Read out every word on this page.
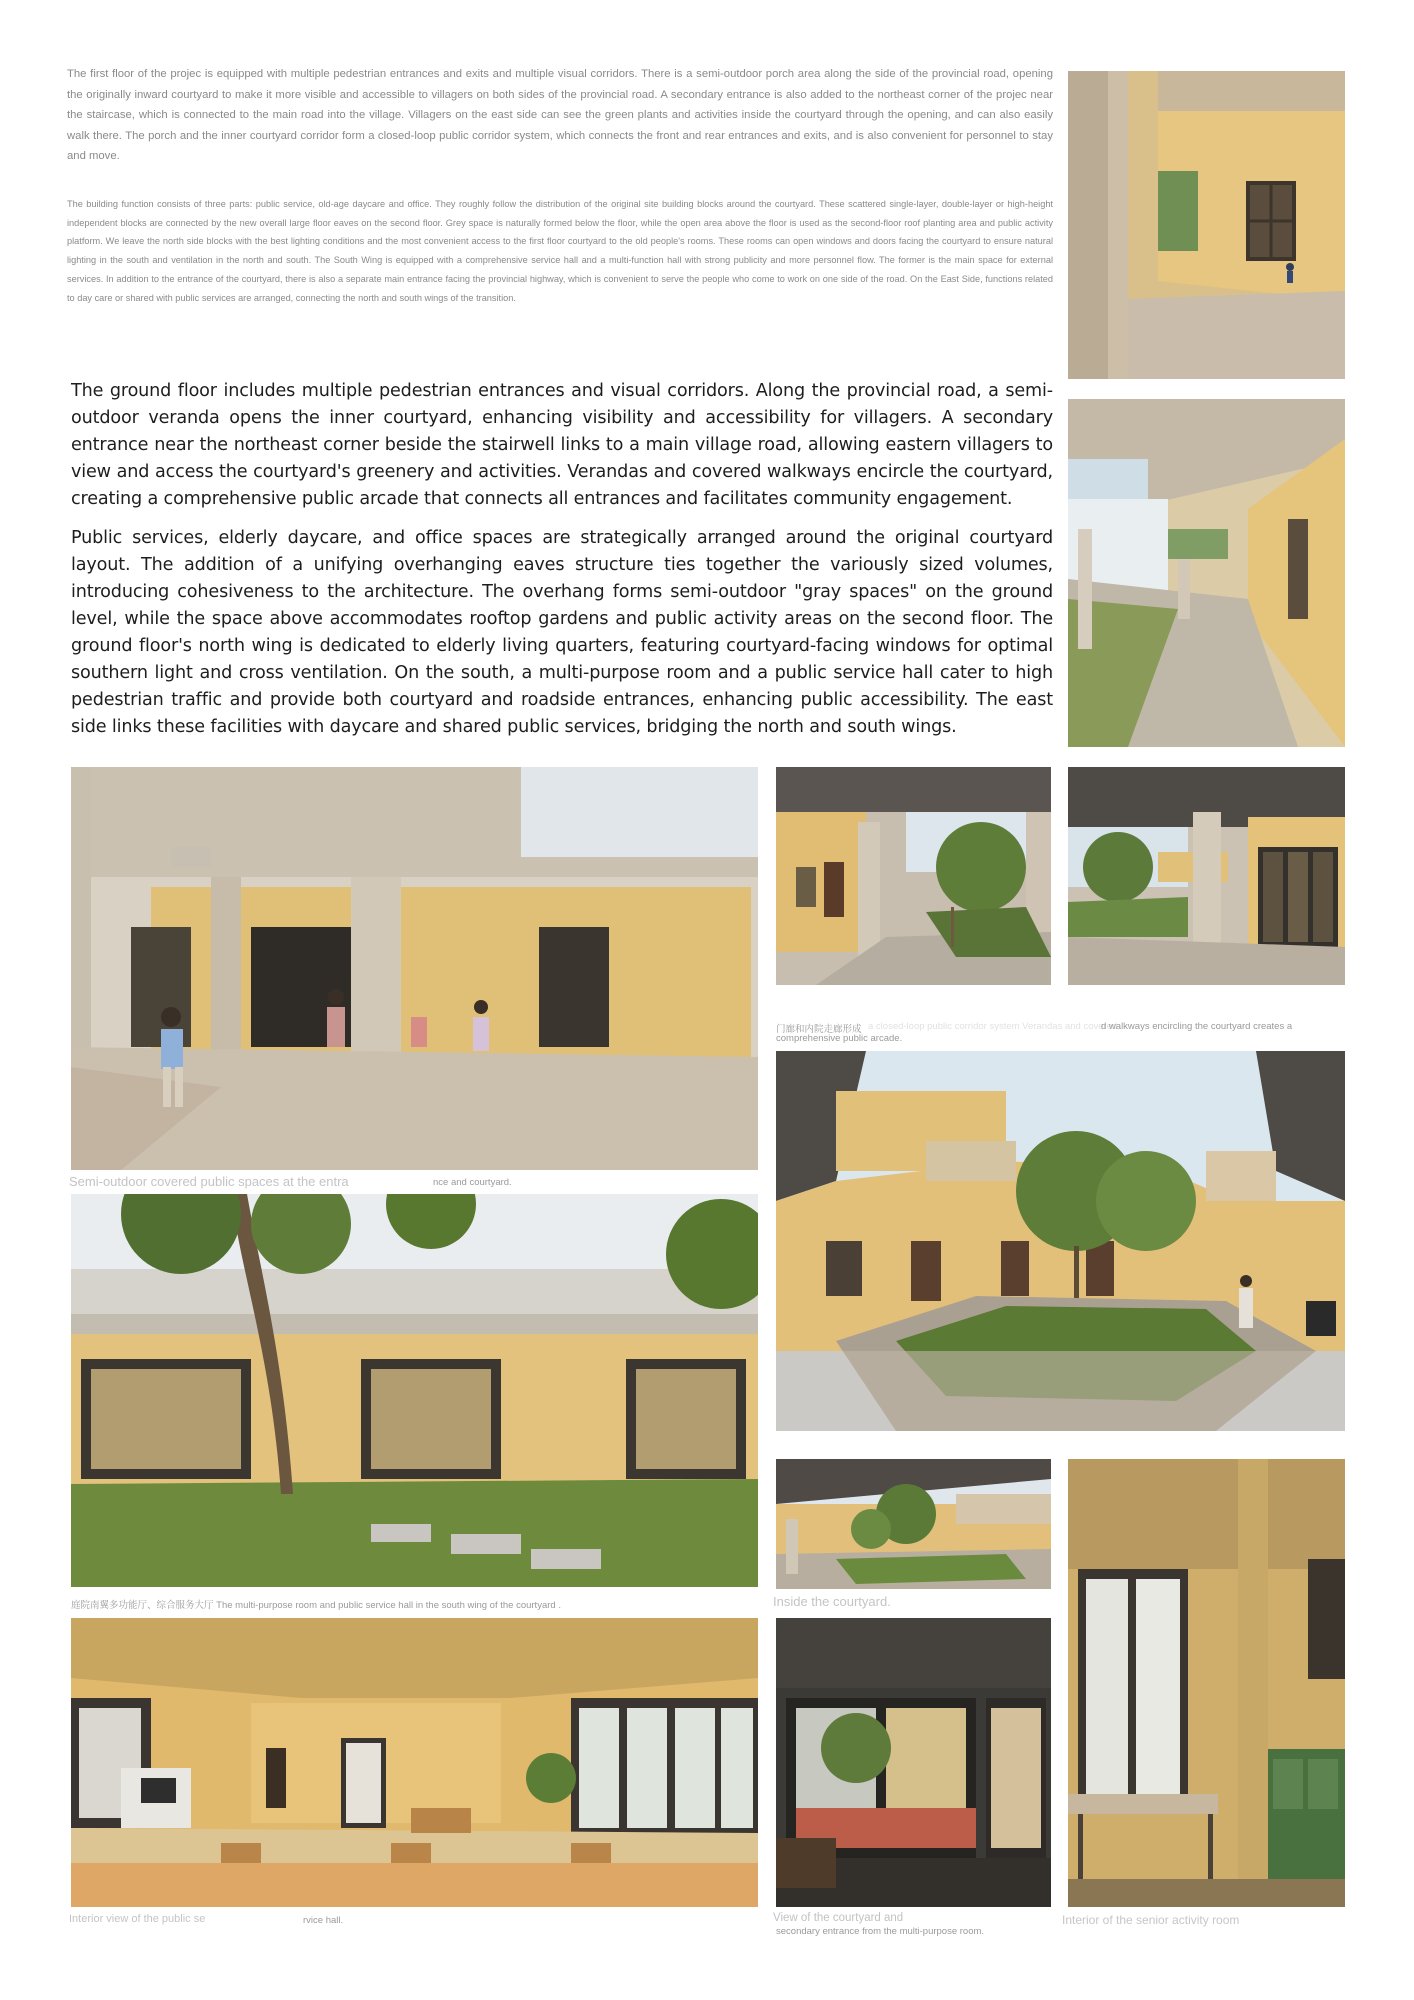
The first floor of the projec is equipped with multiple pedestrian entrances and exits and multiple visual corridors. There is a semi-outdoor porch area along the side of the provincial road, opening the originally inward courtyard to make it more visible and accessible to villagers on both sides of the provincial road. A secondary entrance is also added to the northeast corner of the projec near the staircase, which is connected to the main road into the village. Villagers on the east side can see the green plants and activities inside the courtyard through the opening, and can also easily walk there. The porch and the inner courtyard corridor form a closed-loop public corridor system, which connects the front and rear entrances and exits, and is also convenient for personnel to stay and move.

The building function consists of three parts: public service, old-age daycare and office. They roughly follow the distribution of the original site building blocks around the courtyard. These scattered single-layer, double-layer or high-height independent blocks are connected by the new overall large floor eaves on the second floor. Grey space is naturally formed below the floor, while the open area above the floor is used as the second-floor roof planting area and public activity platform. We leave the north side blocks with the best lighting conditions and the most convenient access to the first floor courtyard to the old people's rooms. These rooms can open windows and doors facing the courtyard to ensure natural lighting in the south and ventilation in the north and south. The South Wing is equipped with a comprehensive service hall and a multi-function hall with strong publicity and more personnel flow. The former is the main space for external services. In addition to the entrance of the courtyard, there is also a separate main entrance facing the provincial highway, which is convenient to serve the people who come to work on one side of the road. On the East Side, functions related to day care or shared with public services are arranged, connecting the north and south wings of the transition.

The ground floor includes multiple pedestrian entrances and visual corridors. Along the provincial road, a semi-outdoor veranda opens the inner courtyard, enhancing visibility and accessibility for villagers. A secondary entrance near the northeast corner beside the stairwell links to a main village road, allowing eastern villagers to view and access the courtyard's greenery and activities. Verandas and covered walkways encircle the courtyard, creating a comprehensive public arcade that connects all entrances and facilitates community engagement.

Public services, elderly daycare, and office spaces are strategically arranged around the original courtyard layout. The addition of a unifying overhanging eaves structure ties together the variously sized volumes, introducing cohesiveness to the architecture. The overhang forms semi-outdoor "gray spaces" on the ground level, while the space above accommodates rooftop gardens and public activity areas on the second floor. The ground floor's north wing is dedicated to elderly living quarters, featuring courtyard-facing windows for optimal southern light and cross ventilation. On the south, a multi-purpose room and a public service hall cater to high pedestrian traffic and provide both courtyard and roadside entrances, enhancing public accessibility. The east side links these facilities with daycare and shared public services, bridging the north and south wings.

门廊和内院走廊形成 a closed-loop public corridor system Verandas and covered
d walkways encircling the courtyard creates a
comprehensive public arcade.
Semi-outdoor covered public spaces at the entra	nce and courtyard.
庭院南翼多功能厅、综合服务大厅 The multi-purpose room and public service hall in the south wing of the courtyard .	Inside the courtyard.
Interior view of the public se	rvice hall.	View of the courtyard and
secondary entrance from the multi-purpose room.
Interior of the senior activity room
